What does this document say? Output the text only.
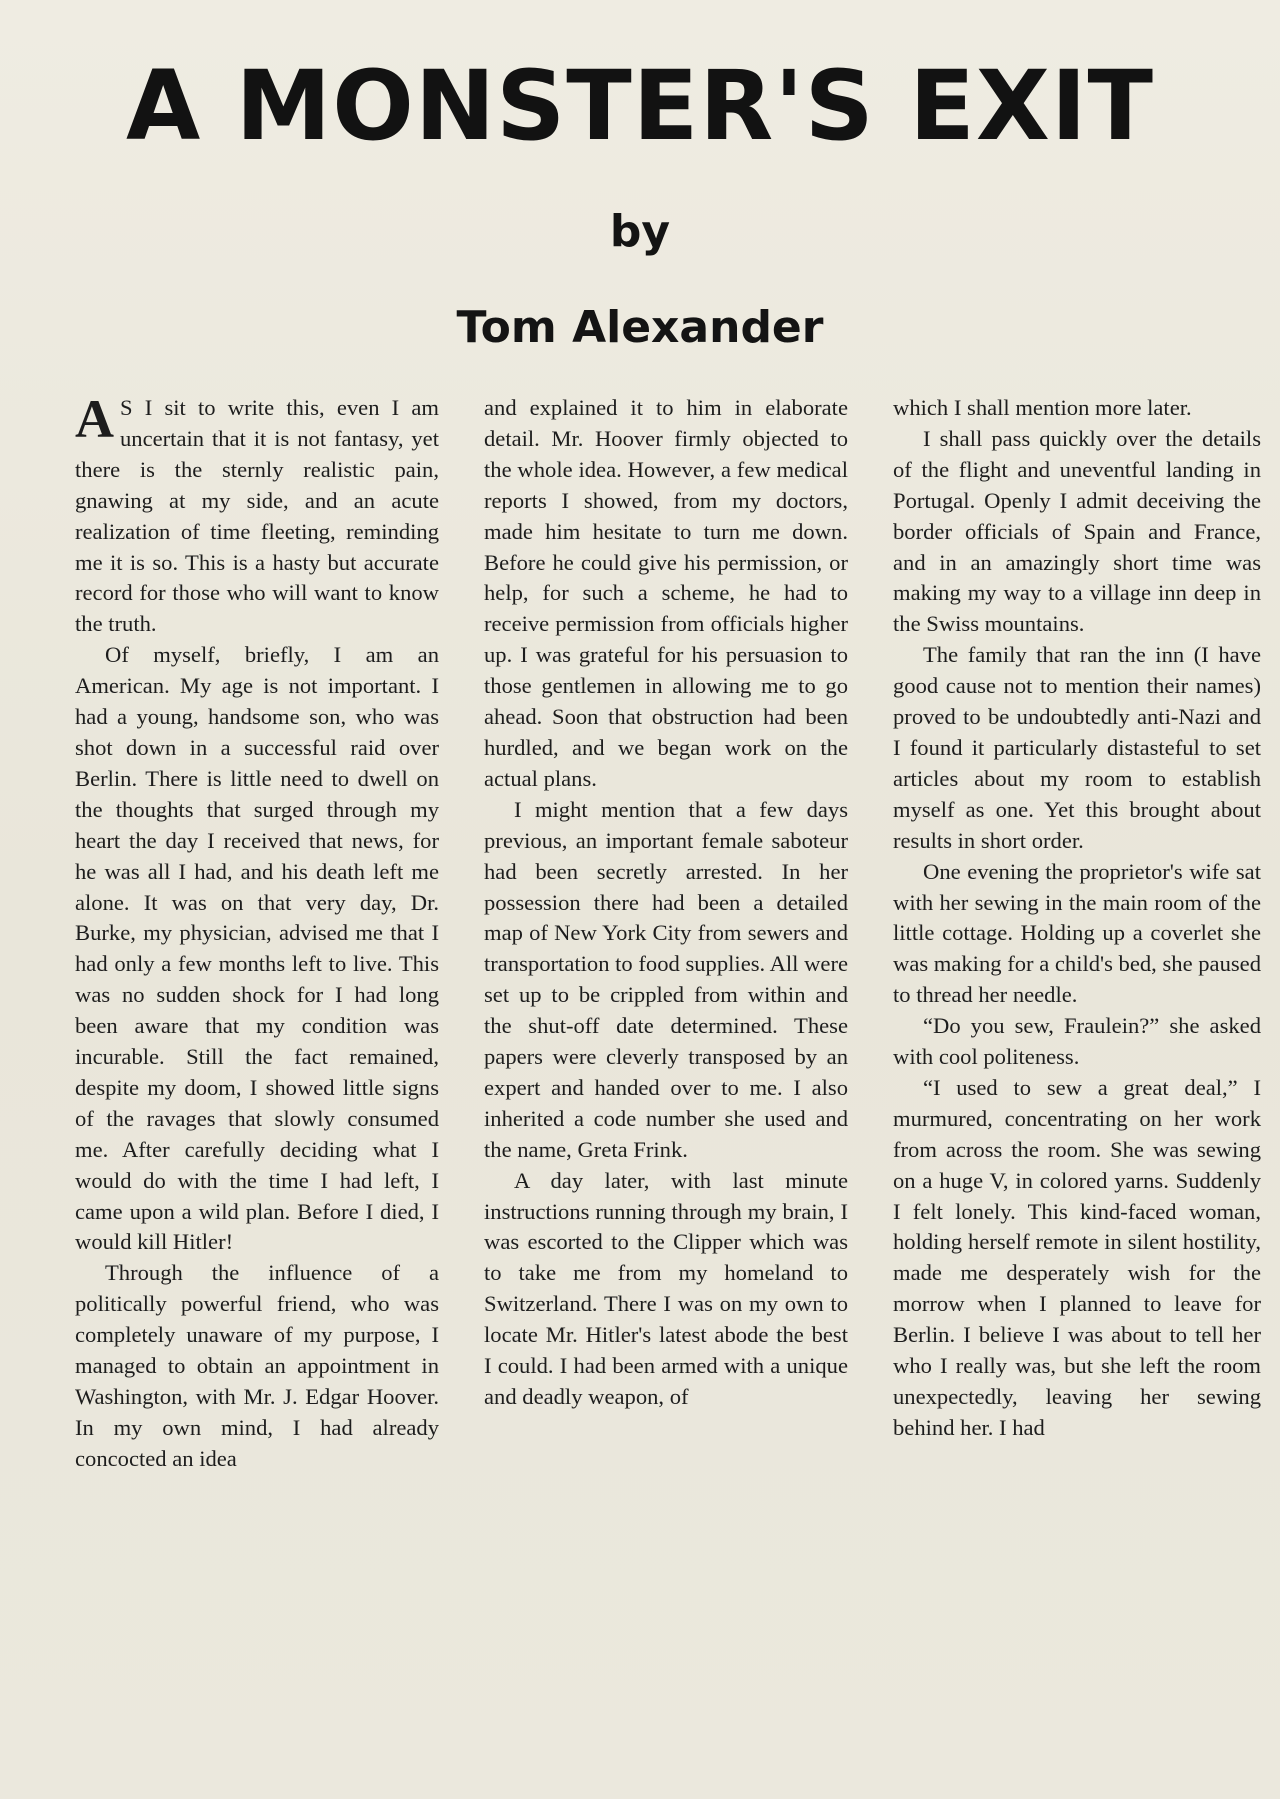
A MONSTER'S EXIT
by
Tom Alexander

A S I sit to write this, even I am uncertain that it is not fantasy, yet there is the sternly realistic pain, gnawing at my side, and an acute realization of time fleeting, reminding me it is so. This is a hasty but accurate record for those who will want to know the truth.

Of myself, briefly, I am an American. My age is not important. I had a young, handsome son, who was shot down in a successful raid over Berlin. There is little need to dwell on the thoughts that surged through my heart the day I received that news, for he was all I had, and his death left me alone. It was on that very day, Dr. Burke, my physician, advised me that I had only a few months left to live. This was no sudden shock for I had long been aware that my condition was incurable. Still the fact remained, despite my doom, I showed little signs of the ravages that slowly consumed me. After carefully deciding what I would do with the time I had left, I came upon a wild plan. Before I died, I would kill Hitler!

Through the influence of a politically powerful friend, who was completely unaware of my purpose, I managed to obtain an appointment in Washington, with Mr. J. Edgar Hoover. In my own mind, I had already concocted an idea

and explained it to him in elaborate detail. Mr. Hoover firmly objected to the whole idea. However, a few medical reports I showed, from my doctors, made him hesitate to turn me down. Before he could give his permission, or help, for such a scheme, he had to receive permission from officials higher up. I was grateful for his persuasion to those gentlemen in allowing me to go ahead. Soon that obstruction had been hurdled, and we began work on the actual plans.

I might mention that a few days previous, an important female saboteur had been secretly arrested. In her possession there had been a detailed map of New York City from sewers and transportation to food supplies. All were set up to be crippled from within and the shut-off date determined. These papers were cleverly transposed by an expert and handed over to me. I also inherited a code number she used and the name, Greta Frink.

A day later, with last minute instructions running through my brain, I was escorted to the Clipper which was to take me from my homeland to Switzerland. There I was on my own to locate Mr. Hitler's latest abode the best I could. I had been armed with a unique and deadly weapon, of

which I shall mention more later.

I shall pass quickly over the details of the flight and uneventful landing in Portugal. Openly I admit deceiving the border officials of Spain and France, and in an amazingly short time was making my way to a village inn deep in the Swiss mountains.

The family that ran the inn (I have good cause not to mention their names) proved to be undoubtedly anti-Nazi and I found it particularly distasteful to set articles about my room to establish myself as one. Yet this brought about results in short order.

One evening the proprietor's wife sat with her sewing in the main room of the little cottage. Holding up a coverlet she was making for a child's bed, she paused to thread her needle.

“Do you sew, Fraulein?” she asked with cool politeness.

“I used to sew a great deal,” I murmured, concentrating on her work from across the room. She was sewing on a huge V, in colored yarns. Suddenly I felt lonely. This kind-faced woman, holding herself remote in silent hostility, made me desperately wish for the morrow when I planned to leave for Berlin. I believe I was about to tell her who I really was, but she left the room unexpectedly, leaving her sewing behind her. I had
